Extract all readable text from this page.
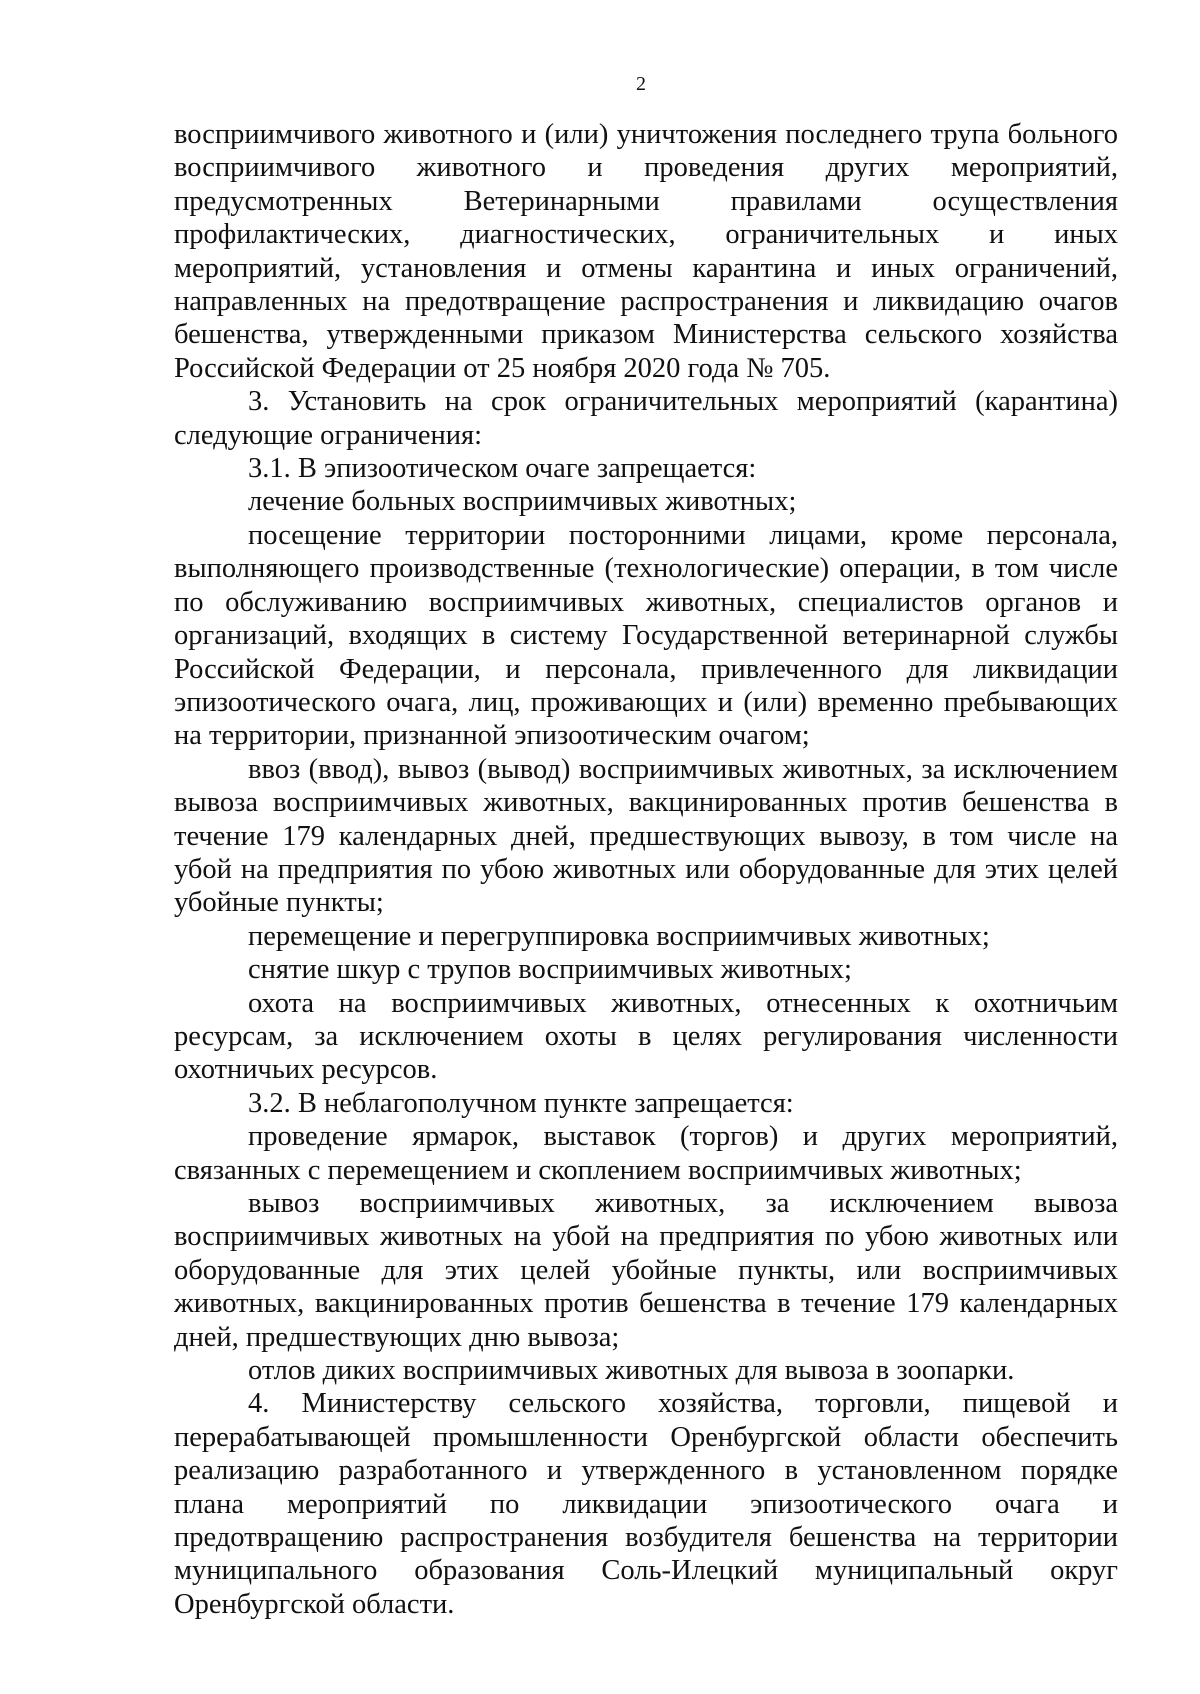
2

восприимчивого животного и (или) уничтожения последнего трупа больного восприимчивого животного и проведения других мероприятий, предусмотренных Ветеринарными правилами осуществления профилактических, диагностических, ограничительных и иных мероприятий, установления и отмены карантина и иных ограничений, направленных на предотвращение распространения и ликвидацию очагов бешенства, утвержденными приказом Министерства сельского хозяйства Российской Федерации от 25 ноября 2020 года № 705.

3. Установить на срок ограничительных мероприятий (карантина) следующие ограничения:

3.1. В эпизоотическом очаге запрещается:

лечение больных восприимчивых животных;

посещение территории посторонними лицами, кроме персонала, выполняющего производственные (технологические) операции, в том числе по обслуживанию восприимчивых животных, специалистов органов и организаций, входящих в систему Государственной ветеринарной службы Российской Федерации, и персонала, привлеченного для ликвидации эпизоотического очага, лиц, проживающих и (или) временно пребывающих на территории, признанной эпизоотическим очагом;

ввоз (ввод), вывоз (вывод) восприимчивых животных, за исключением вывоза восприимчивых животных, вакцинированных против бешенства в течение 179 календарных дней, предшествующих вывозу, в том числе на убой на предприятия по убою животных или оборудованные для этих целей убойные пункты;

перемещение и перегруппировка восприимчивых животных;

снятие шкур с трупов восприимчивых животных;

охота на восприимчивых животных, отнесенных к охотничьим ресурсам, за исключением охоты в целях регулирования численности охотничьих ресурсов.

3.2. В неблагополучном пункте запрещается:

проведение ярмарок, выставок (торгов) и других мероприятий, связанных с перемещением и скоплением восприимчивых животных;

вывоз восприимчивых животных, за исключением вывоза восприимчивых животных на убой на предприятия по убою животных или оборудованные для этих целей убойные пункты, или восприимчивых животных, вакцинированных против бешенства в течение 179 календарных дней, предшествующих дню вывоза;

отлов диких восприимчивых животных для вывоза в зоопарки.

4. Министерству сельского хозяйства, торговли, пищевой и перерабатывающей промышленности Оренбургской области обеспечить реализацию разработанного и утвержденного в установленном порядке плана мероприятий по ликвидации эпизоотического очага и предотвращению распространения возбудителя бешенства на территории муниципального образования Соль-Илецкий муниципальный округ Оренбургской области.
